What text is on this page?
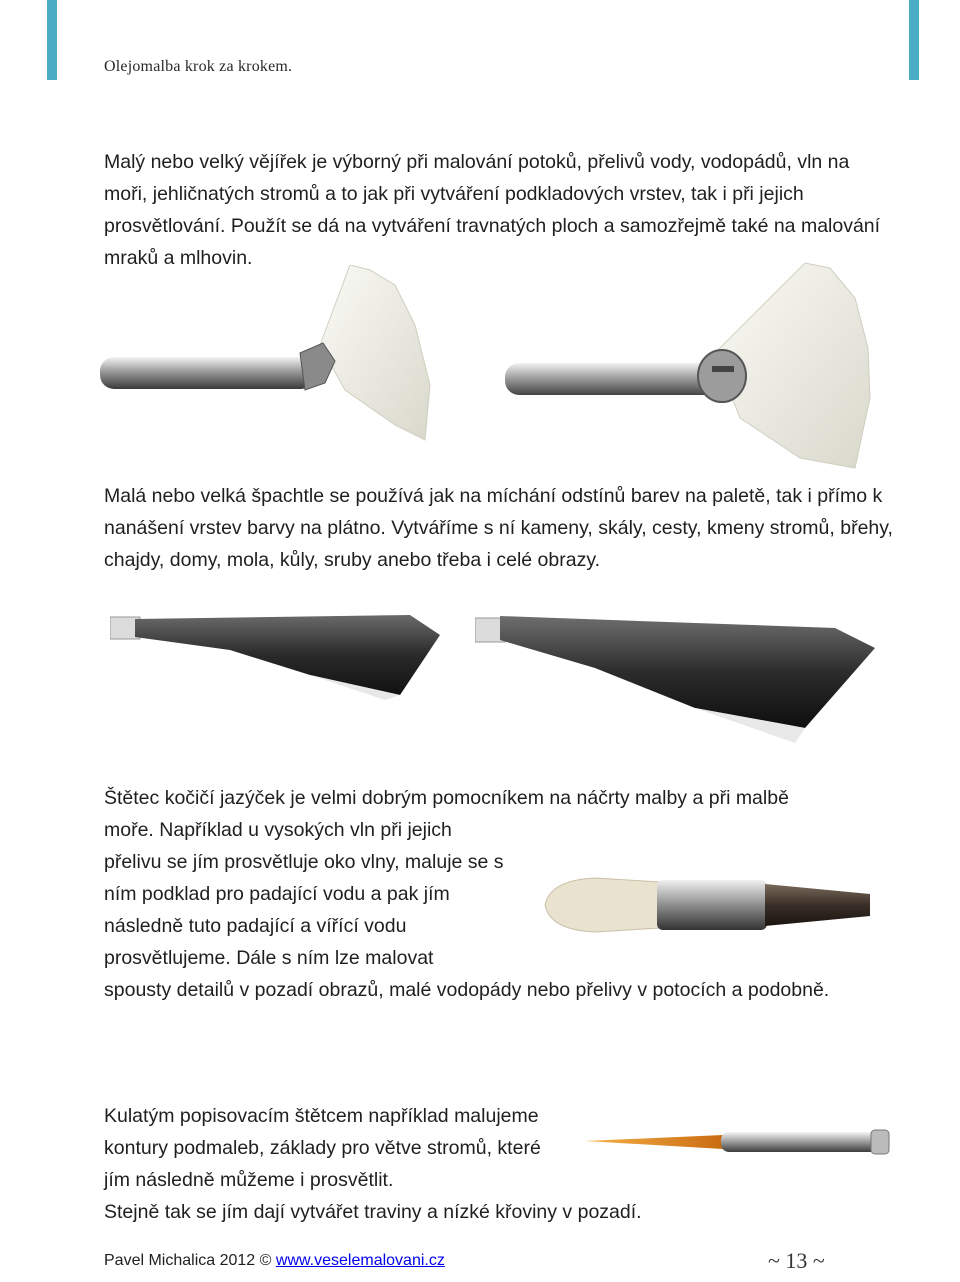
Olejomalba krok za krokem.
Malý nebo velký vějířek je výborný při malování potoků, přelivů vody, vodopádů, vln na moři, jehličnatých stromů a to jak při vytváření podkladových vrstev, tak i při jejich prosvětlování. Použít se dá na vytváření travnatých ploch a samozřejmě také na malování mraků a mlhovin.
Malá nebo velká špachtle se používá jak na míchání odstínů barev na paletě, tak i přímo k nanášení vrstev barvy na plátno. Vytváříme s ní kameny, skály, cesty, kmeny stromů, břehy, chajdy, domy, mola, kůly, sruby anebo třeba i celé obrazy.
Štětec kočičí jazýček je velmi dobrým pomocníkem na náčrty malby a při malbě
moře. Například u vysokých vln při jejich přelivu se jím prosvětluje oko vlny, maluje se s ním podklad pro padající vodu a pak jím následně tuto padající a vířící vodu prosvětlujeme. Dále s ním lze malovat
spousty detailů v pozadí obrazů, malé vodopády nebo přelivy v potocích a podobně.
Kulatým popisovacím štětcem například malujeme kontury podmaleb, základy pro větve stromů, které jím následně můžeme i prosvětlit.
Stejně tak se jím dají vytvářet traviny a nízké křoviny v pozadí.
Pavel Michalica 2012 © www.veselemalovani.cz	~ 13 ~
